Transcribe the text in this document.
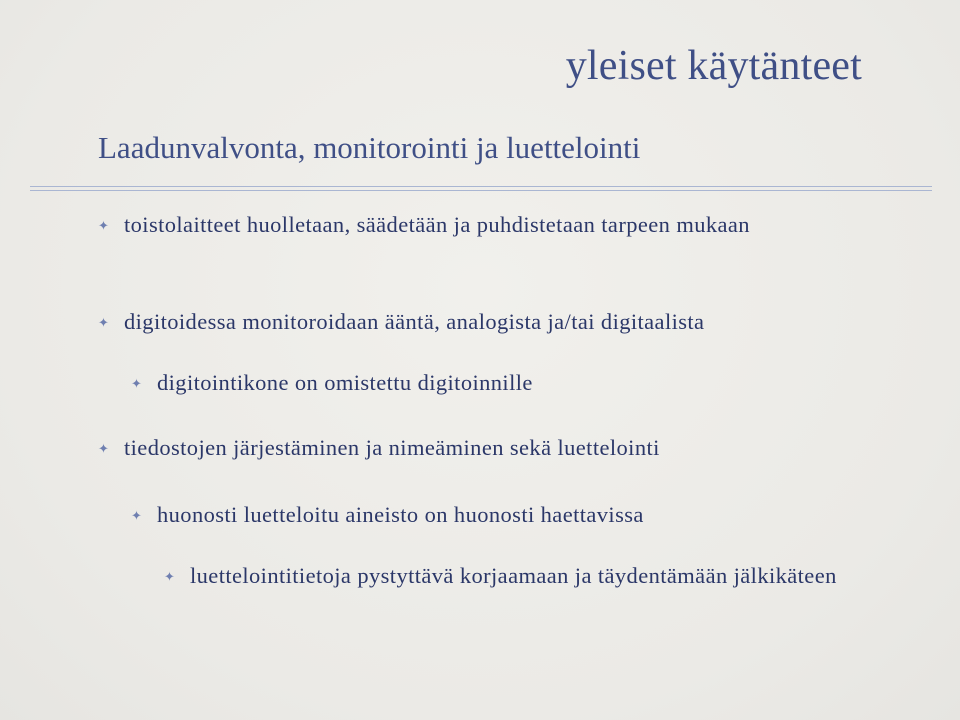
yleiset käytänteet
Laadunvalvonta, monitorointi ja luettelointi
✦ toistolaitteet huolletaan, säädetään ja puhdistetaan tarpeen mukaan
✦ digitoidessa monitoroidaan ääntä, analogista ja/tai digitaalista
✦ digitointikone on omistettu digitoinnille
✦ tiedostojen järjestäminen ja nimeäminen sekä luettelointi
✦ huonosti luetteloitu aineisto on huonosti haettavissa
✦ luettelointitietoja pystyttävä korjaamaan ja täydentämään jälkikäteen
